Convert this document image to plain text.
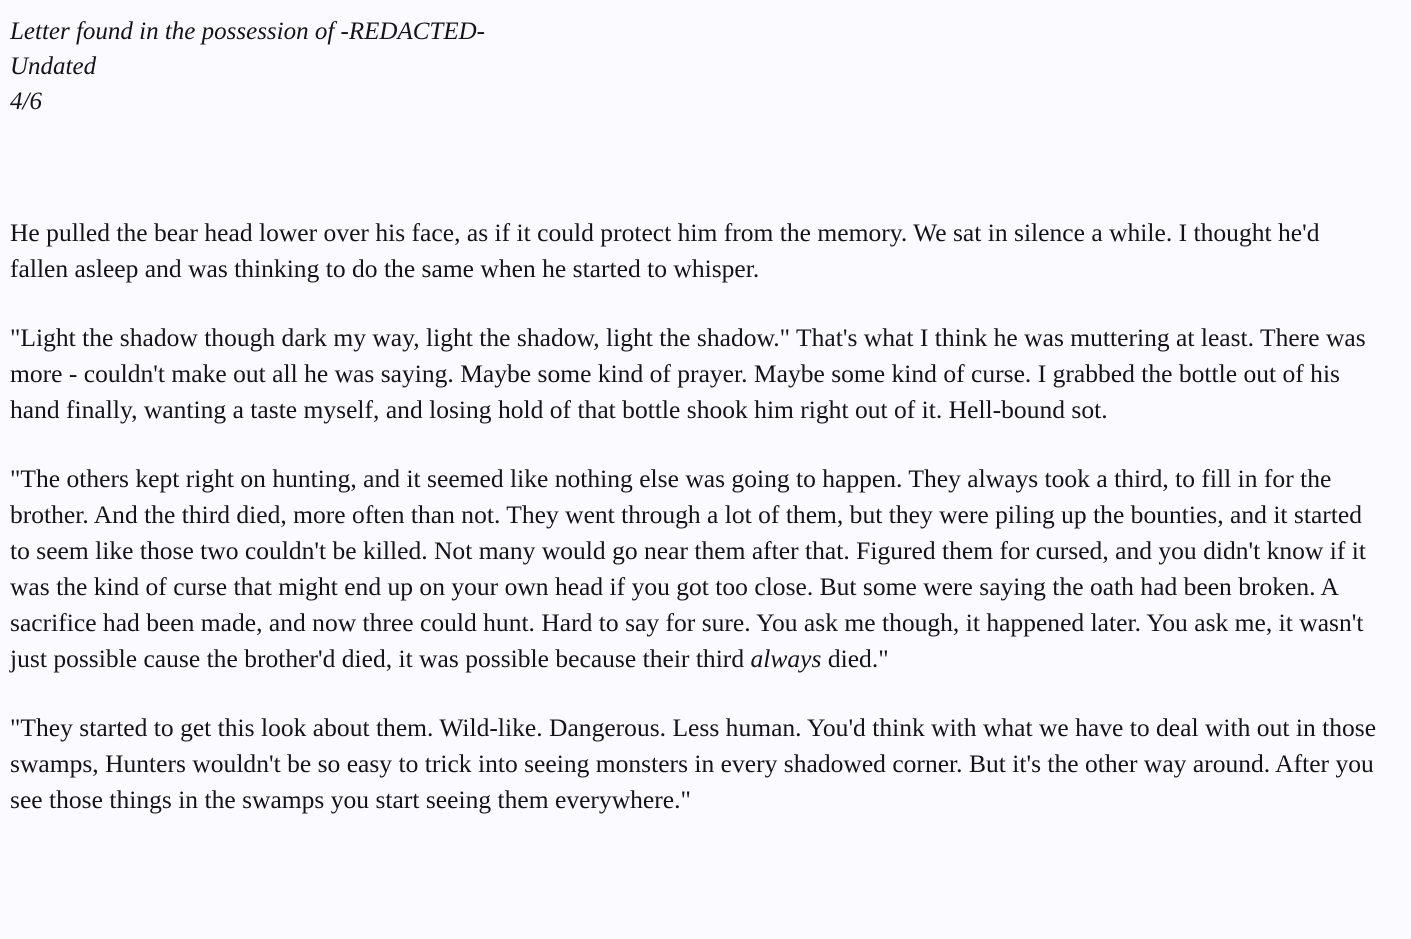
Letter found in the possession of -REDACTED-
Undated
4/6

He pulled the bear head lower over his face, as if it could protect him from the memory. We sat in silence a while. I thought he'd fallen asleep and was thinking to do the same when he started to whisper.

"Light the shadow though dark my way, light the shadow, light the shadow." That's what I think he was muttering at least. There was more - couldn't make out all he was saying. Maybe some kind of prayer. Maybe some kind of curse. I grabbed the bottle out of his hand finally, wanting a taste myself, and losing hold of that bottle shook him right out of it. Hell-bound sot.

"The others kept right on hunting, and it seemed like nothing else was going to happen. They always took a third, to fill in for the brother. And the third died, more often than not. They went through a lot of them, but they were piling up the bounties, and it started to seem like those two couldn't be killed. Not many would go near them after that. Figured them for cursed, and you didn't know if it was the kind of curse that might end up on your own head if you got too close. But some were saying the oath had been broken. A sacrifice had been made, and now three could hunt. Hard to say for sure. You ask me though, it happened later. You ask me, it wasn't just possible cause the brother'd died, it was possible because their third always died."

"They started to get this look about them. Wild-like. Dangerous. Less human. You'd think with what we have to deal with out in those swamps, Hunters wouldn't be so easy to trick into seeing monsters in every shadowed corner. But it's the other way around. After you see those things in the swamps you start seeing them everywhere."
